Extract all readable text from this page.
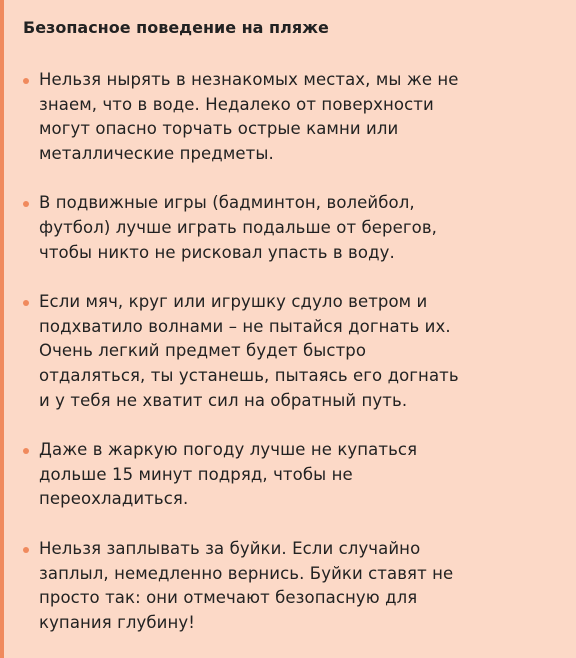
Безопасное поведение на пляже
Нельзя нырять в незнакомых местах, мы же не знаем, что в воде. Недалеко от поверхности могут опасно торчать острые камни или металлические предметы.
В подвижные игры (бадминтон, волейбол, футбол) лучше играть подальше от берегов, чтобы никто не рисковал упасть в воду.
Если мяч, круг или игрушку сдуло ветром и подхватило волнами – не пытайся догнать их. Очень легкий предмет будет быстро отдаляться, ты устанешь, пытаясь его догнать и у тебя не хватит сил на обратный путь.
Даже в жаркую погоду лучше не купаться дольше 15 минут подряд, чтобы не переохладиться.
Нельзя заплывать за буйки. Если случайно заплыл, немедленно вернись. Буйки ставят не просто так: они отмечают безопасную для купания глубину!
